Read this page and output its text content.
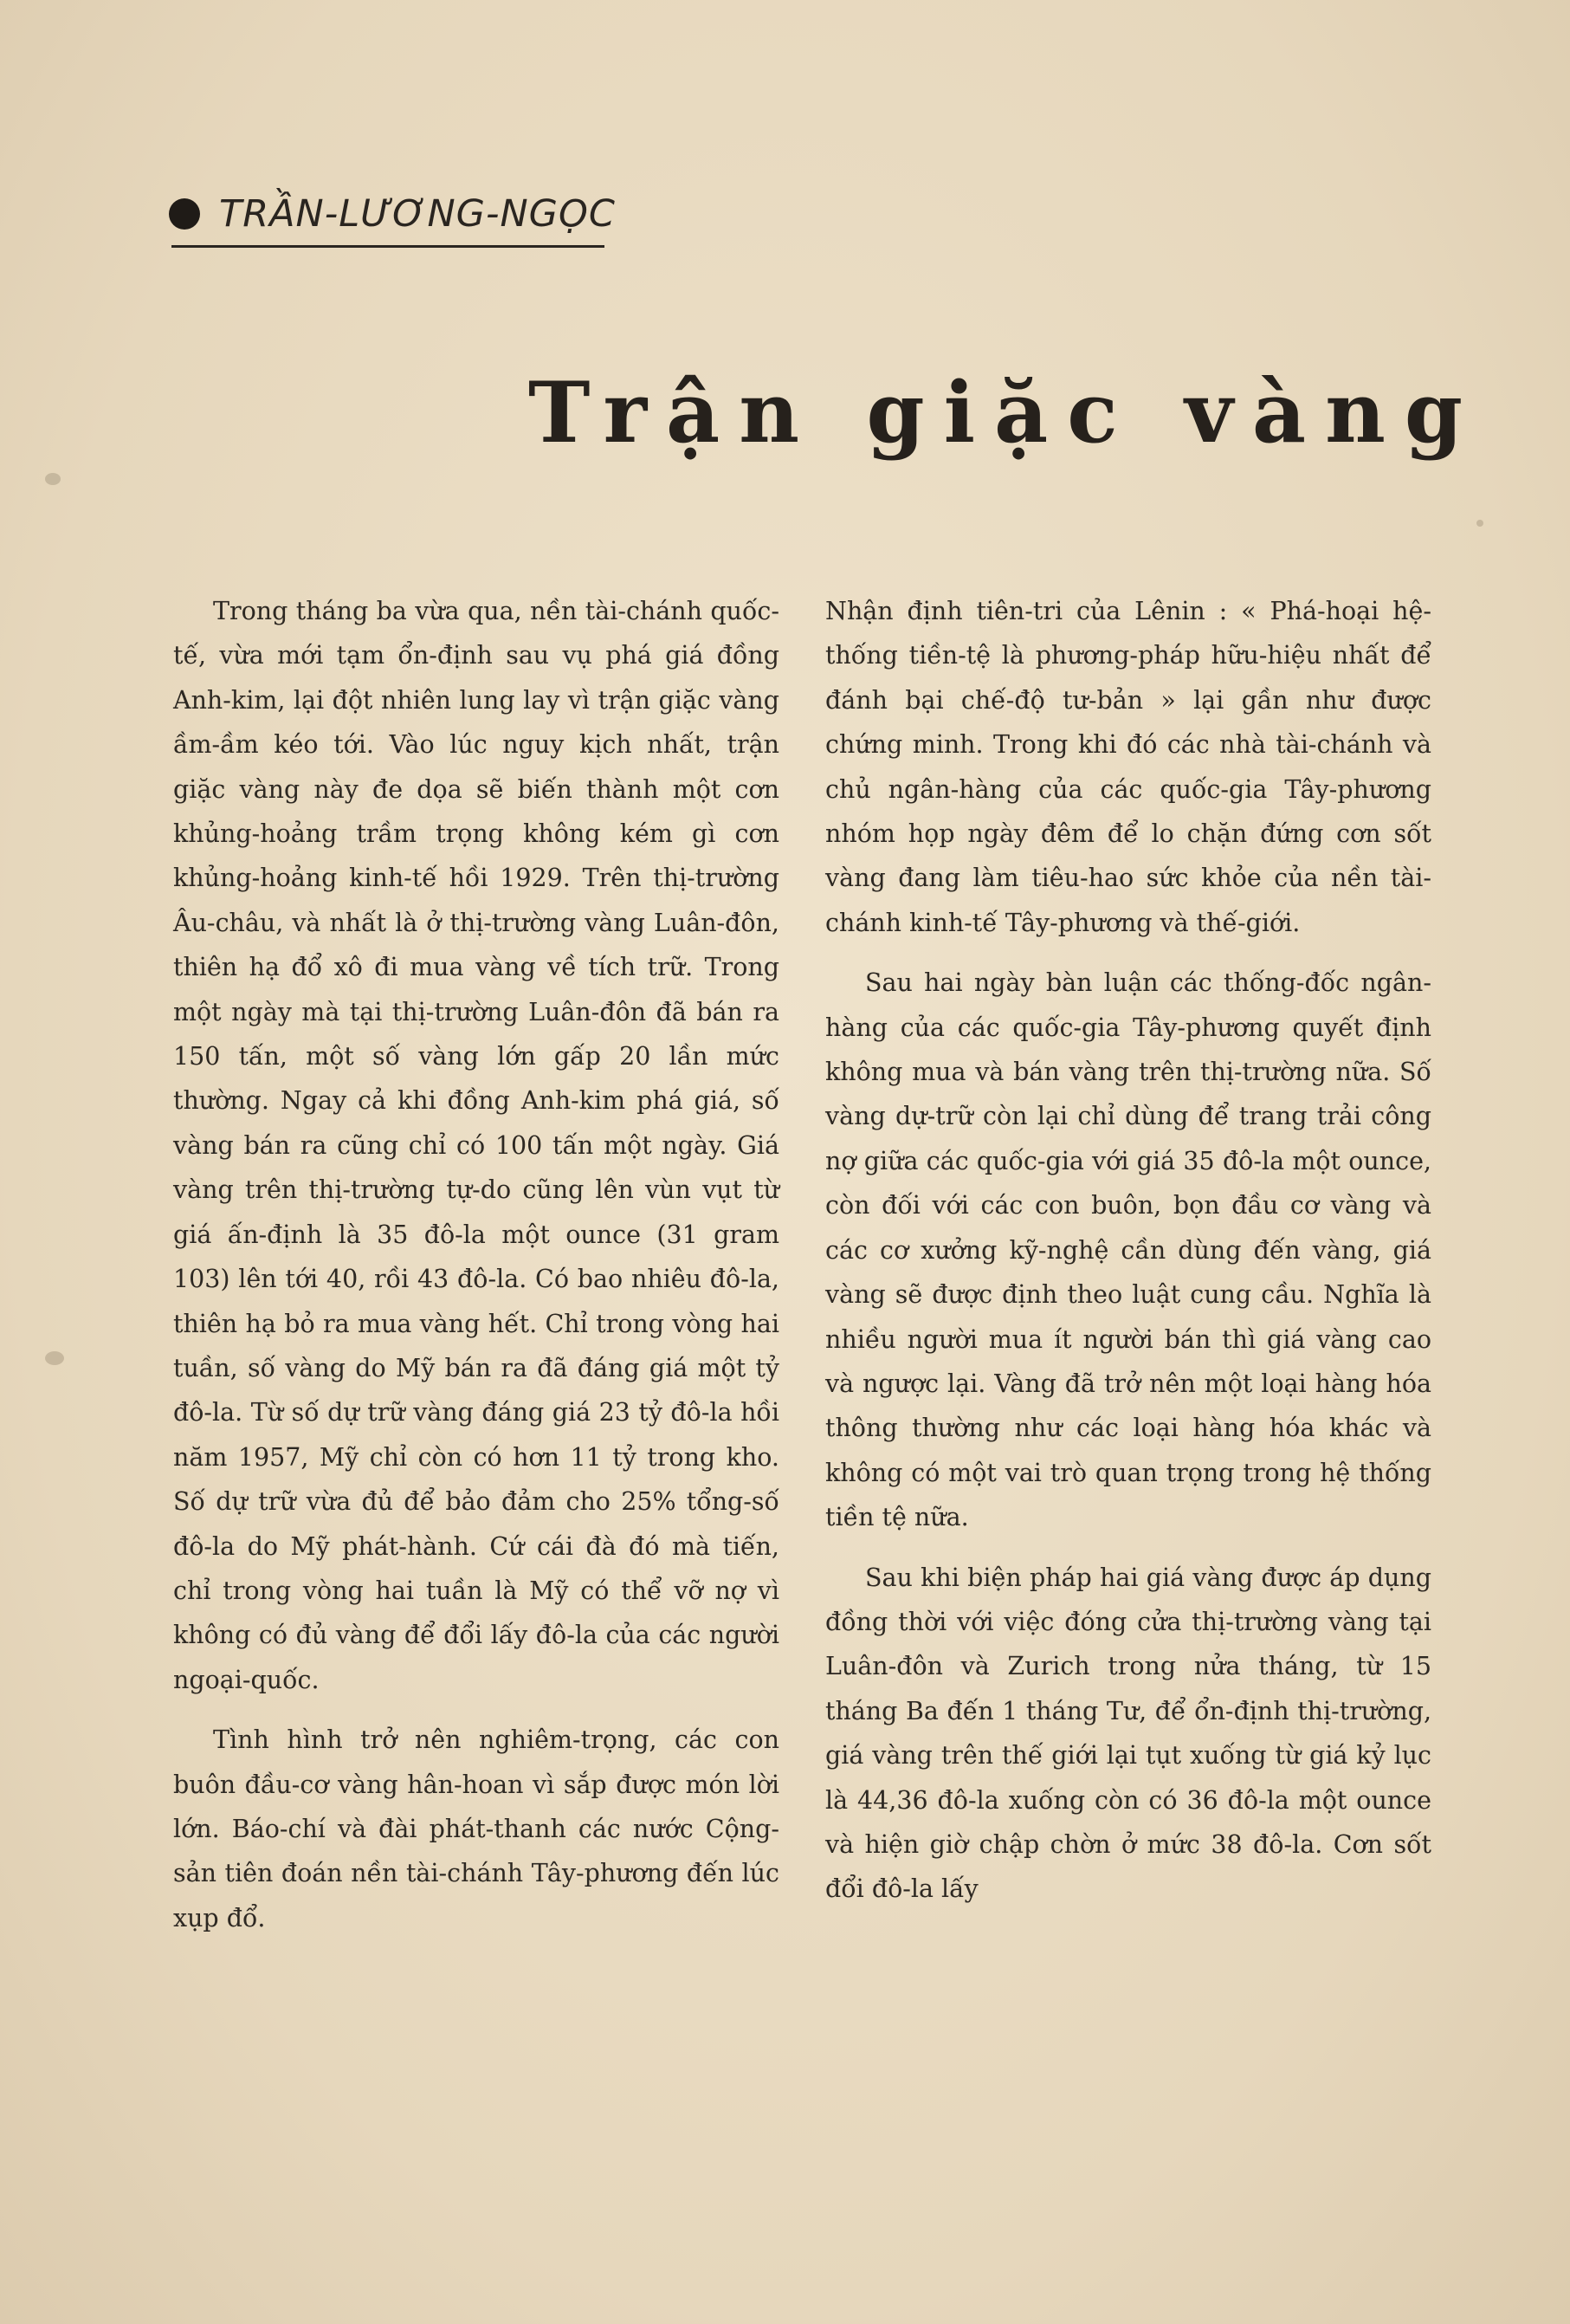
TRẦN-LƯƠNG-NGỌC
Trận giặc vàng

Trong tháng ba vừa qua, nền tài-chánh quốc-tế, vừa mới tạm ổn-định sau vụ phá giá đồng Anh-kim, lại đột nhiên lung lay vì trận giặc vàng ầm-ầm kéo tới. Vào lúc nguy kịch nhất, trận giặc vàng này đe dọa sẽ biến thành một cơn khủng-hoảng trầm trọng không kém gì cơn khủng-hoảng kinh-tế hồi 1929. Trên thị-trường Âu-châu, và nhất là ở thị-trường vàng Luân-đôn, thiên hạ đổ xô đi mua vàng về tích trữ. Trong một ngày mà tại thị-trường Luân-đôn đã bán ra 150 tấn, một số vàng lớn gấp 20 lần mức thường. Ngay cả khi đồng Anh-kim phá giá, số vàng bán ra cũng chỉ có 100 tấn một ngày. Giá vàng trên thị-trường tự-do cũng lên vùn vụt từ giá ấn-định là 35 đô-la một ounce (31 gram 103) lên tới 40, rồi 43 đô-la. Có bao nhiêu đô-la, thiên hạ bỏ ra mua vàng hết. Chỉ trong vòng hai tuần, số vàng do Mỹ bán ra đã đáng giá một tỷ đô-la. Từ số dự trữ vàng đáng giá 23 tỷ đô-la hồi năm 1957, Mỹ chỉ còn có hơn 11 tỷ trong kho. Số dự trữ vừa đủ để bảo đảm cho 25% tổng-số đô-la do Mỹ phát-hành. Cứ cái đà đó mà tiến, chỉ trong vòng hai tuần là Mỹ có thể vỡ nợ vì không có đủ vàng để đổi lấy đô-la của các người ngoại-quốc.

Tình hình trở nên nghiêm-trọng, các con buôn đầu-cơ vàng hân-hoan vì sắp được món lời lớn. Báo-chí và đài phát-thanh các nước Cộng-sản tiên đoán nền tài-chánh Tây-phương đến lúc xụp đổ.

Nhận định tiên-tri của Lênin : « Phá-hoại hệ-thống tiền-tệ là phương-pháp hữu-hiệu nhất để đánh bại chế-độ tư-bản » lại gần như được chứng minh. Trong khi đó các nhà tài-chánh và chủ ngân-hàng của các quốc-gia Tây-phương nhóm họp ngày đêm để lo chặn đứng cơn sốt vàng đang làm tiêu-hao sức khỏe của nền tài-chánh kinh-tế Tây-phương và thế-giới.

Sau hai ngày bàn luận các thống-đốc ngân-hàng của các quốc-gia Tây-phương quyết định không mua và bán vàng trên thị-trường nữa. Số vàng dự-trữ còn lại chỉ dùng để trang trải công nợ giữa các quốc-gia với giá 35 đô-la một ounce, còn đối với các con buôn, bọn đầu cơ vàng và các cơ xưởng kỹ-nghệ cần dùng đến vàng, giá vàng sẽ được định theo luật cung cầu. Nghĩa là nhiều người mua ít người bán thì giá vàng cao và ngược lại. Vàng đã trở nên một loại hàng hóa thông thường như các loại hàng hóa khác và không có một vai trò quan trọng trong hệ thống tiền tệ nữa.

Sau khi biện pháp hai giá vàng được áp dụng đồng thời với việc đóng cửa thị-trường vàng tại Luân-đôn và Zurich trong nửa tháng, từ 15 tháng Ba đến 1 tháng Tư, để ổn-định thị-trường, giá vàng trên thế giới lại tụt xuống từ giá kỷ lục là 44,36 đô-la xuống còn có 36 đô-la một ounce và hiện giờ chập chờn ở mức 38 đô-la. Cơn sốt đổi đô-la lấy
